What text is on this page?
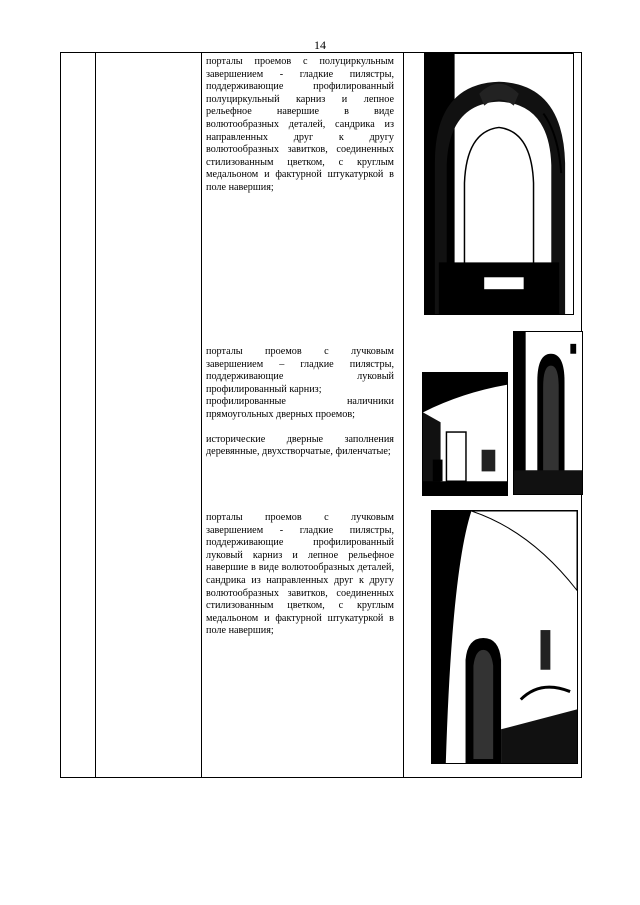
14

порталы проемов с полуциркульным завершением - гладкие пилястры, поддерживающие профилированный полуциркульный карниз и лепное рельефное навершие в виде волютообразных деталей, сандрика из направленных друг к другу волютообразных завитков, соединенных стилизованным цветком, с круглым медальоном и фактурной штукатуркой в поле навершия;

порталы проемов с лучковым завершением – гладкие пилястры, поддерживающие луковый профилированный карниз;

профилированные наличники прямоугольных дверных проемов;

исторические дверные заполнения деревянные, двухстворчатые, филенчатые;

порталы проемов с лучковым завершением - гладкие пилястры, поддерживающие профилированный луковый карниз и лепное рельефное навершие в виде волютообразных деталей, сандрика из направленных друг к другу волютообразных завитков, соединенных стилизованным цветком, с круглым медальоном и фактурной штукатуркой в поле навершия;
